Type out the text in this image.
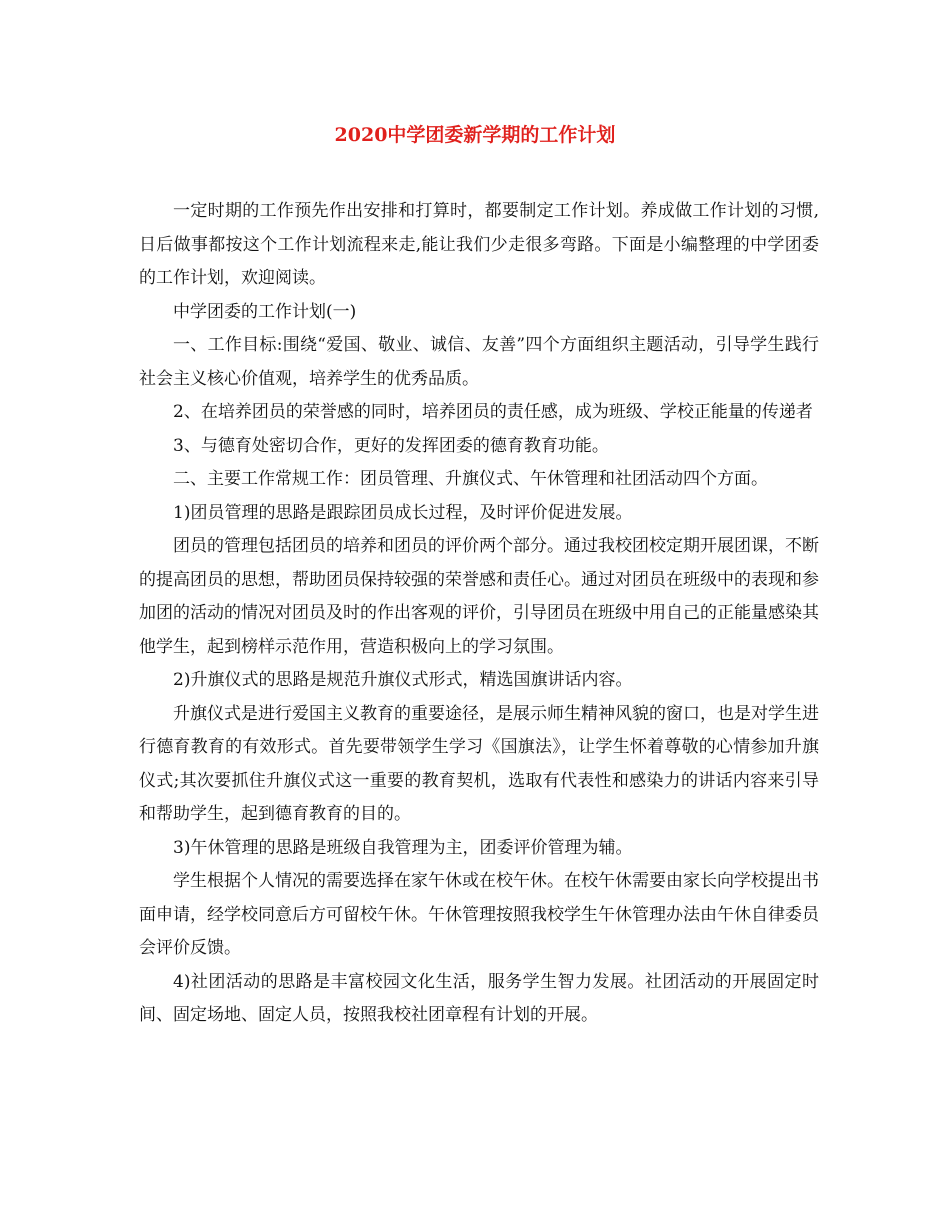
2020中学团委新学期的工作计划

一定时期的工作预先作出安排和打算时，都要制定工作计划。养成做工作计划的习惯,日后做事都按这个工作计划流程来走,能让我们少走很多弯路。下面是小编整理的中学团委的工作计划，欢迎阅读。

中学团委的工作计划(一)

一、工作目标:围绕“爱国、敬业、诚信、友善”四个方面组织主题活动，引导学生践行社会主义核心价值观，培养学生的优秀品质。

2、在培养团员的荣誉感的同时，培养团员的责任感，成为班级、学校正能量的传递者

3、与德育处密切合作，更好的发挥团委的德育教育功能。

二、主要工作常规工作：团员管理、升旗仪式、午休管理和社团活动四个方面。

1)团员管理的思路是跟踪团员成长过程，及时评价促进发展。

团员的管理包括团员的培养和团员的评价两个部分。通过我校团校定期开展团课，不断的提高团员的思想，帮助团员保持较强的荣誉感和责任心。通过对团员在班级中的表现和参加团的活动的情况对团员及时的作出客观的评价，引导团员在班级中用自己的正能量感染其他学生，起到榜样示范作用，营造积极向上的学习氛围。

2)升旗仪式的思路是规范升旗仪式形式，精选国旗讲话内容。

升旗仪式是进行爱国主义教育的重要途径，是展示师生精神风貌的窗口，也是对学生进行德育教育的有效形式。首先要带领学生学习《国旗法》，让学生怀着尊敬的心情参加升旗仪式;其次要抓住升旗仪式这一重要的教育契机，选取有代表性和感染力的讲话内容来引导和帮助学生，起到德育教育的目的。

3)午休管理的思路是班级自我管理为主，团委评价管理为辅。

学生根据个人情况的需要选择在家午休或在校午休。在校午休需要由家长向学校提出书面申请，经学校同意后方可留校午休。午休管理按照我校学生午休管理办法由午休自律委员会评价反馈。

4)社团活动的思路是丰富校园文化生活，服务学生智力发展。社团活动的开展固定时间、固定场地、固定人员，按照我校社团章程有计划的开展。
